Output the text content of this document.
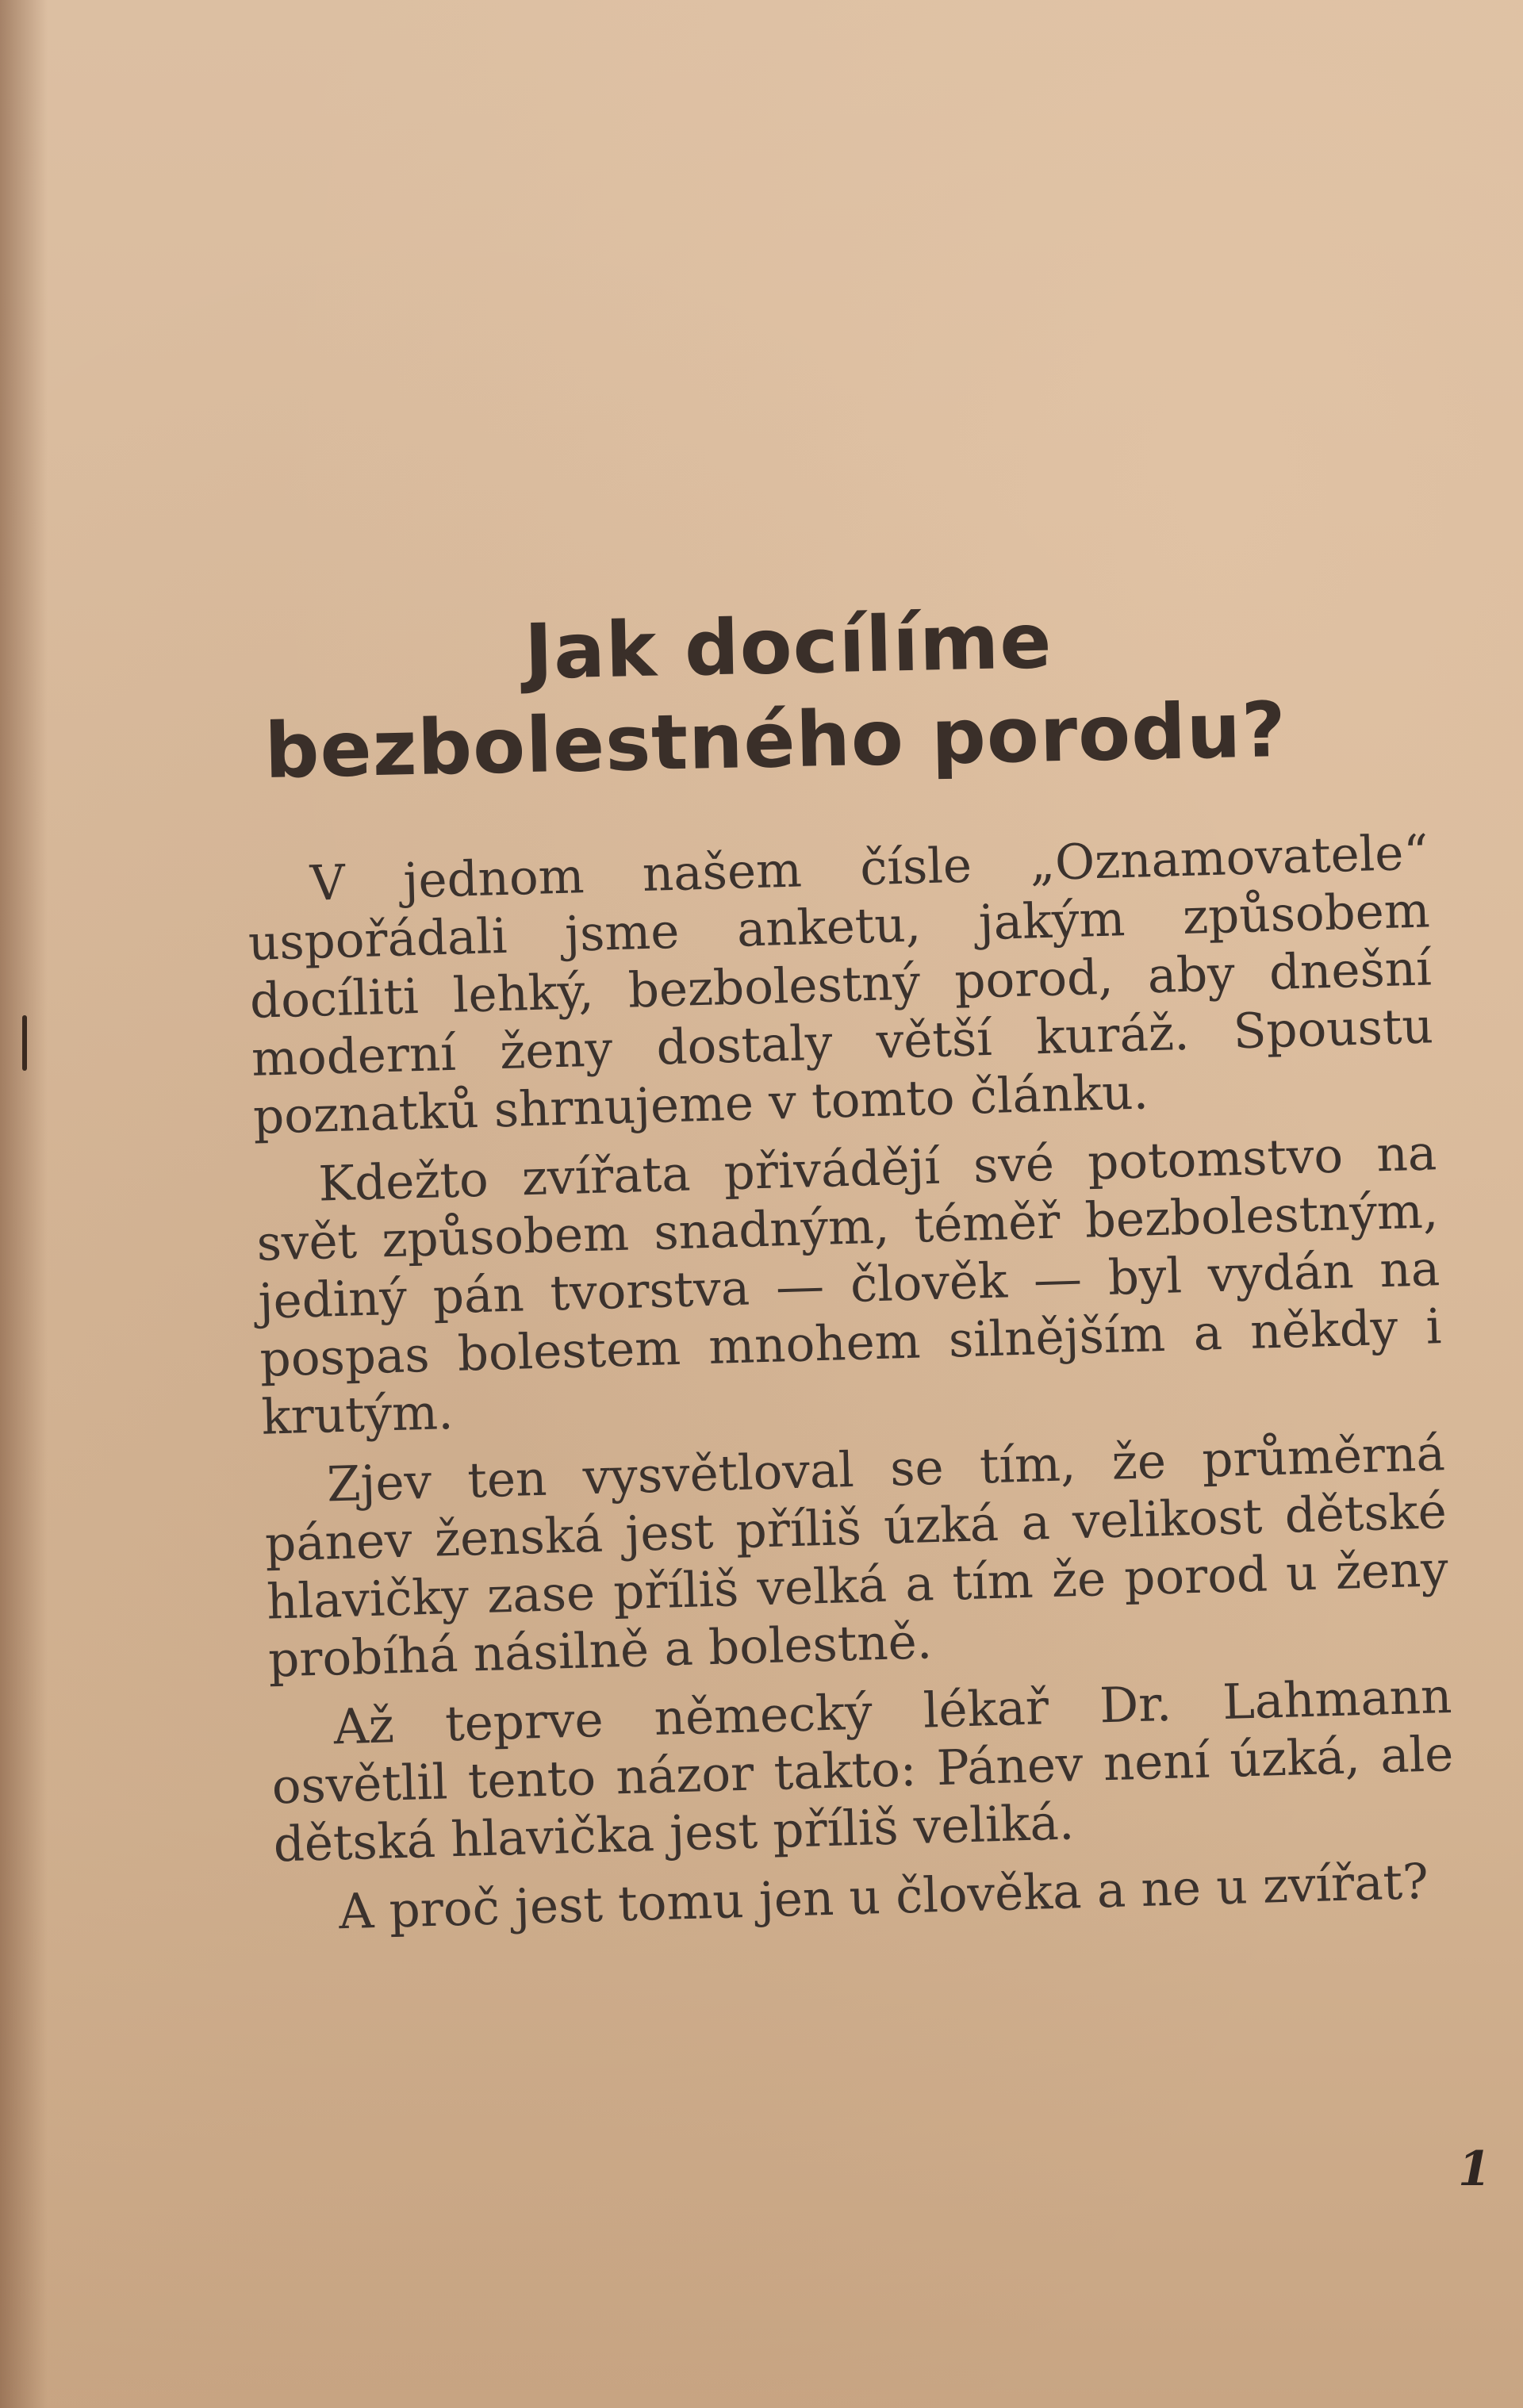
Jak docílíme
bezbolestného porodu?

V jednom našem čísle „Oznamovatele“ uspořádali jsme anketu, jakým způsobem docíliti lehký, bezbolestný porod, aby dnešní moderní ženy dostaly větší kuráž. Spoustu poznatků shrnujeme v tomto článku.

Kdežto zvířata přivádějí své potomstvo na svět způsobem snadným, téměř bezbolestným, jediný pán tvorstva — člověk — byl vydán na pospas bolestem mnohem silnějším a někdy i krutým.

Zjev ten vysvětloval se tím, že průměrná pánev ženská jest příliš úzká a velikost dětské hlavičky zase příliš velká a tím že porod u ženy probíhá násilně a bolestně.

Až teprve německý lékař Dr. Lahmann osvětlil tento názor takto: Pánev není úzká, ale dětská hlavička jest příliš veliká.

A proč jest tomu jen u člověka a ne u zvířat?

1
